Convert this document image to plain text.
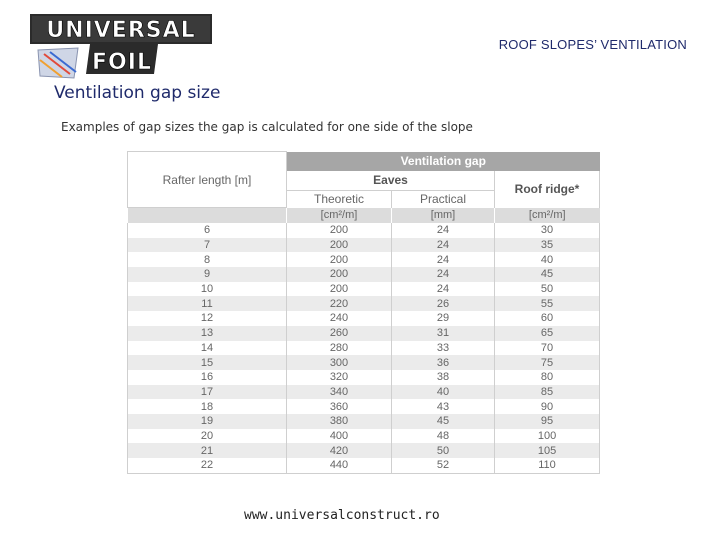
UNIVERSAL
FOIL
ROOF SLOPES’ VENTILATION
Ventilation gap size
Examples of gap sizes the gap is calculated for one side of the slope
Rafter length [m]	Ventilation gap		
	Eaves		Roof ridge*
	Theoretic	Practical	
	[cm²/m]	[mm]	[cm²/m]
6	200	24	30
7	200	24	35
8	200	24	40
9	200	24	45
10	200	24	50
11	220	26	55
12	240	29	60
13	260	31	65
14	280	33	70
15	300	36	75
16	320	38	80
17	340	40	85
18	360	43	90
19	380	45	95
20	400	48	100
21	420	50	105
22	440	52	110
www.universalconstruct.ro
